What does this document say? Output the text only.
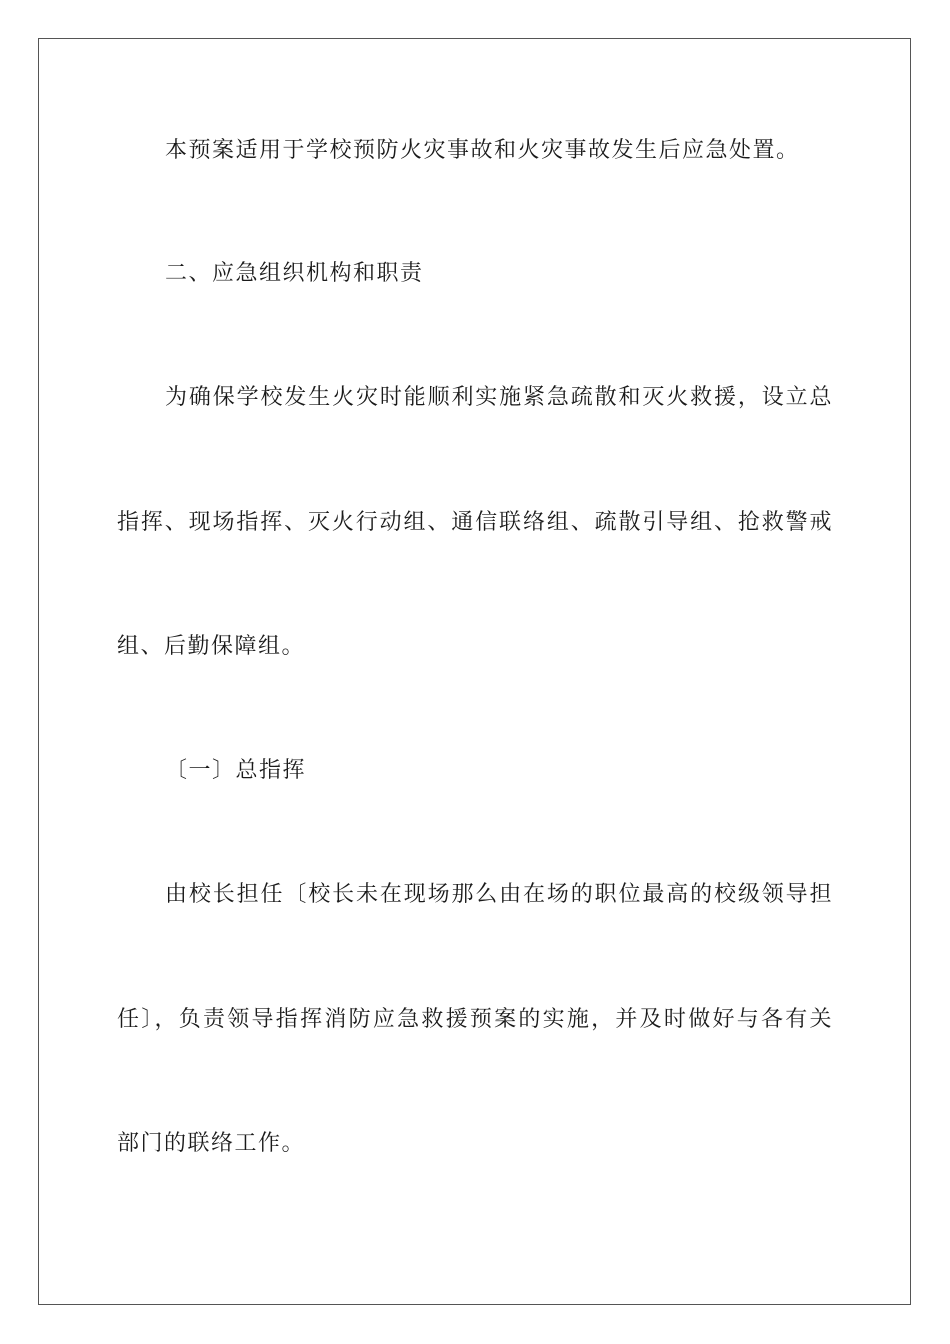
本预案适用于学校预防火灾事故和火灾事故发生后应急处置。
二、应急组织机构和职责
为确保学校发生火灾时能顺利实施紧急疏散和灭火救援，设立总
指挥、现场指挥、灭火行动组、通信联络组、疏散引导组、抢救警戒
组、后勤保障组。
〔一〕总指挥
由校长担任〔校长未在现场那么由在场的职位最高的校级领导担
任〕，负责领导指挥消防应急救援预案的实施，并及时做好与各有关
部门的联络工作。
